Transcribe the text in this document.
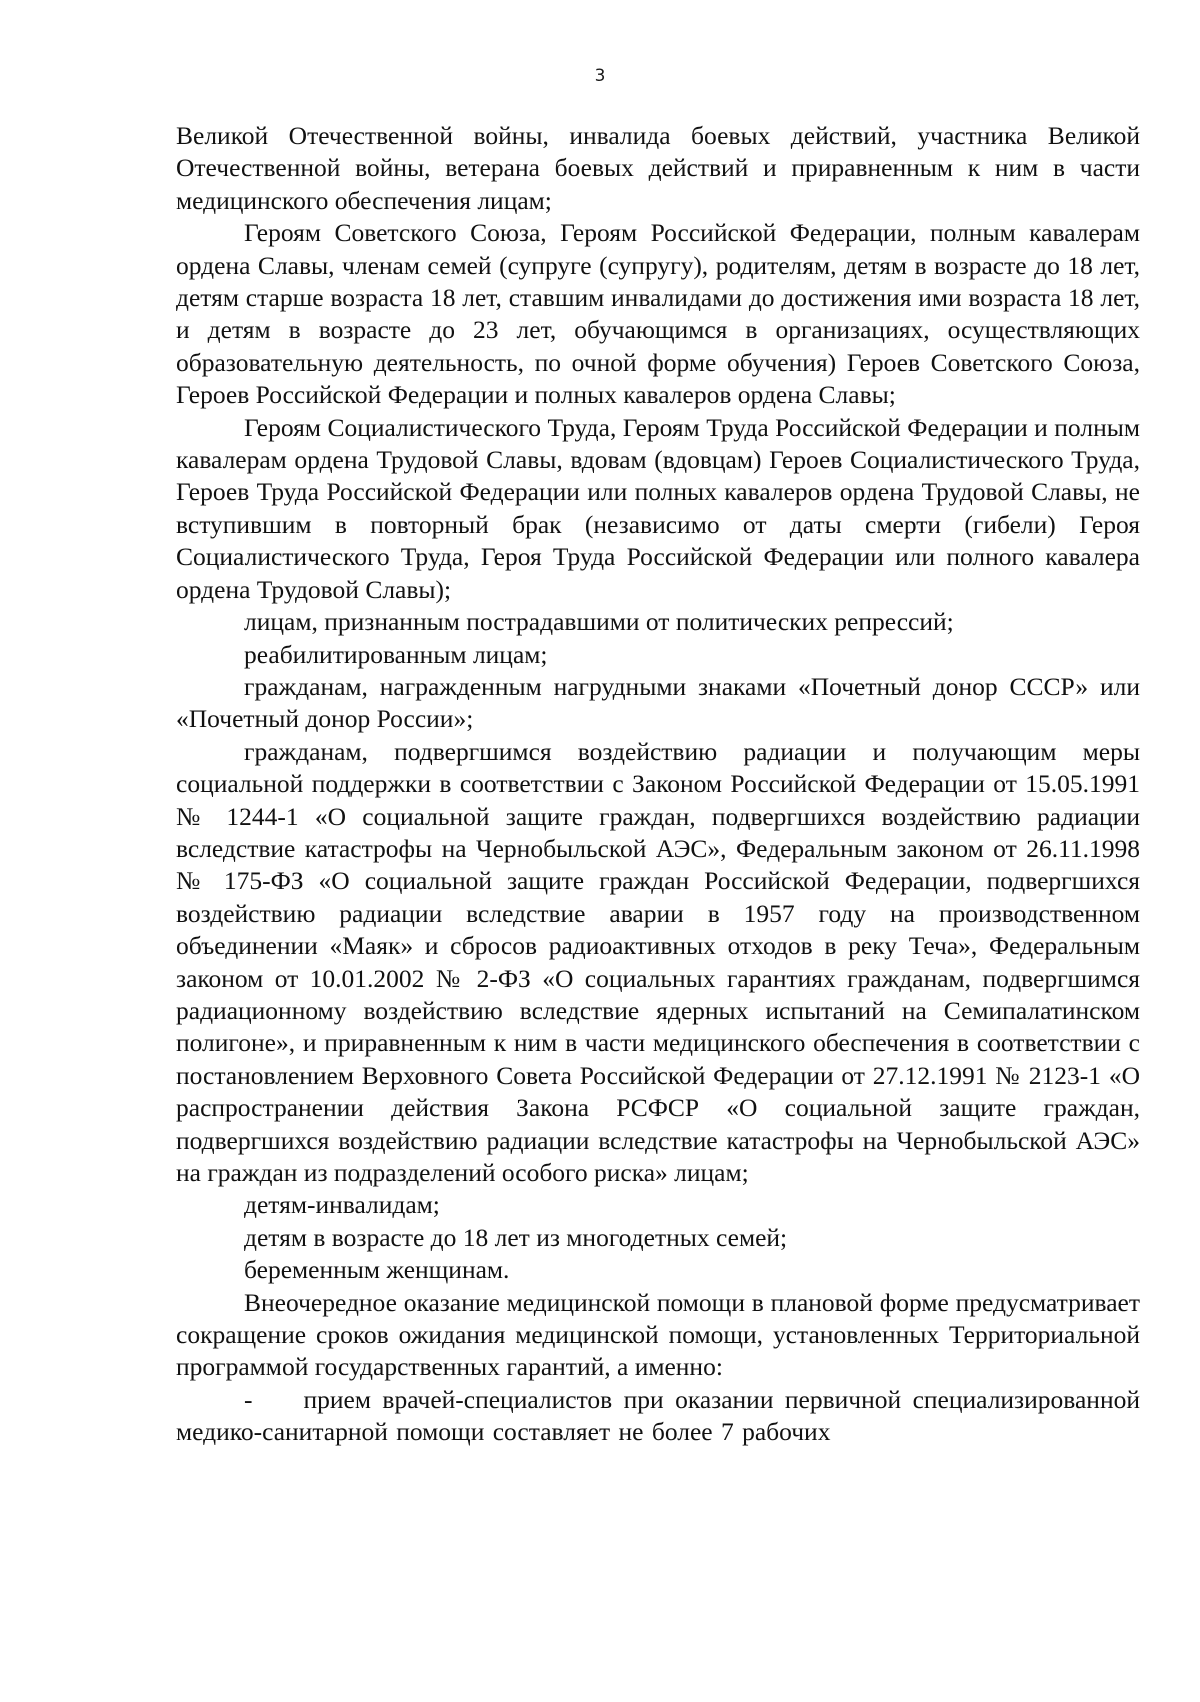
3

Великой Отечественной войны, инвалида боевых действий, участника Великой Отечественной войны, ветерана боевых действий и приравненным к ним в части медицинского обеспечения лицам;

Героям Советского Союза, Героям Российской Федерации, полным кавалерам ордена Славы, членам семей (супруге (супругу), родителям, детям в возрасте до 18 лет, детям старше возраста 18 лет, ставшим инвалидами до достижения ими возраста 18 лет, и детям в возрасте до 23 лет, обучающимся в организациях, осуществляющих образовательную деятельность, по очной форме обучения) Героев Советского Союза, Героев Российской Федерации и полных кавалеров ордена Славы;

Героям Социалистического Труда, Героям Труда Российской Федерации и полным кавалерам ордена Трудовой Славы, вдовам (вдовцам) Героев Социалистического Труда, Героев Труда Российской Федерации или полных кавалеров ордена Трудовой Славы, не вступившим в повторный брак (независимо от даты смерти (гибели) Героя Социалистического Труда, Героя Труда Российской Федерации или полного кавалера ордена Трудовой Славы);

лицам, признанным пострадавшими от политических репрессий;

реабилитированным лицам;

гражданам, награжденным нагрудными знаками «Почетный донор СССР» или «Почетный донор России»;

гражданам, подвергшимся воздействию радиации и получающим меры социальной поддержки в соответствии с Законом Российской Федерации от 15.05.1991 № 1244-1 «О социальной защите граждан, подвергшихся воздействию радиации вследствие катастрофы на Чернобыльской АЭС», Федеральным законом от 26.11.1998 № 175-ФЗ «О социальной защите граждан Российской Федерации, подвергшихся воздействию радиации вследствие аварии в 1957 году на производственном объединении «Маяк» и сбросов радиоактивных отходов в реку Теча», Федеральным законом от 10.01.2002 № 2-ФЗ «О социальных гарантиях гражданам, подвергшимся радиационному воздействию вследствие ядерных испытаний на Семипалатинском полигоне», и приравненным к ним в части медицинского обеспечения в соответствии с постановлением Верховного Совета Российской Федерации от 27.12.1991 № 2123-1 «О распространении действия Закона РСФСР «О социальной защите граждан, подвергшихся воздействию радиации вследствие катастрофы на Чернобыльской АЭС» на граждан из подразделений особого риска» лицам;

детям-инвалидам;

детям в возрасте до 18 лет из многодетных семей;

беременным женщинам.

Внеочередное оказание медицинской помощи в плановой форме предусматривает сокращение сроков ожидания медицинской помощи, установленных Территориальной программой государственных гарантий, а именно:

-  прием врачей-специалистов при оказании первичной специализированной медико-санитарной помощи составляет не более 7 рабочих
